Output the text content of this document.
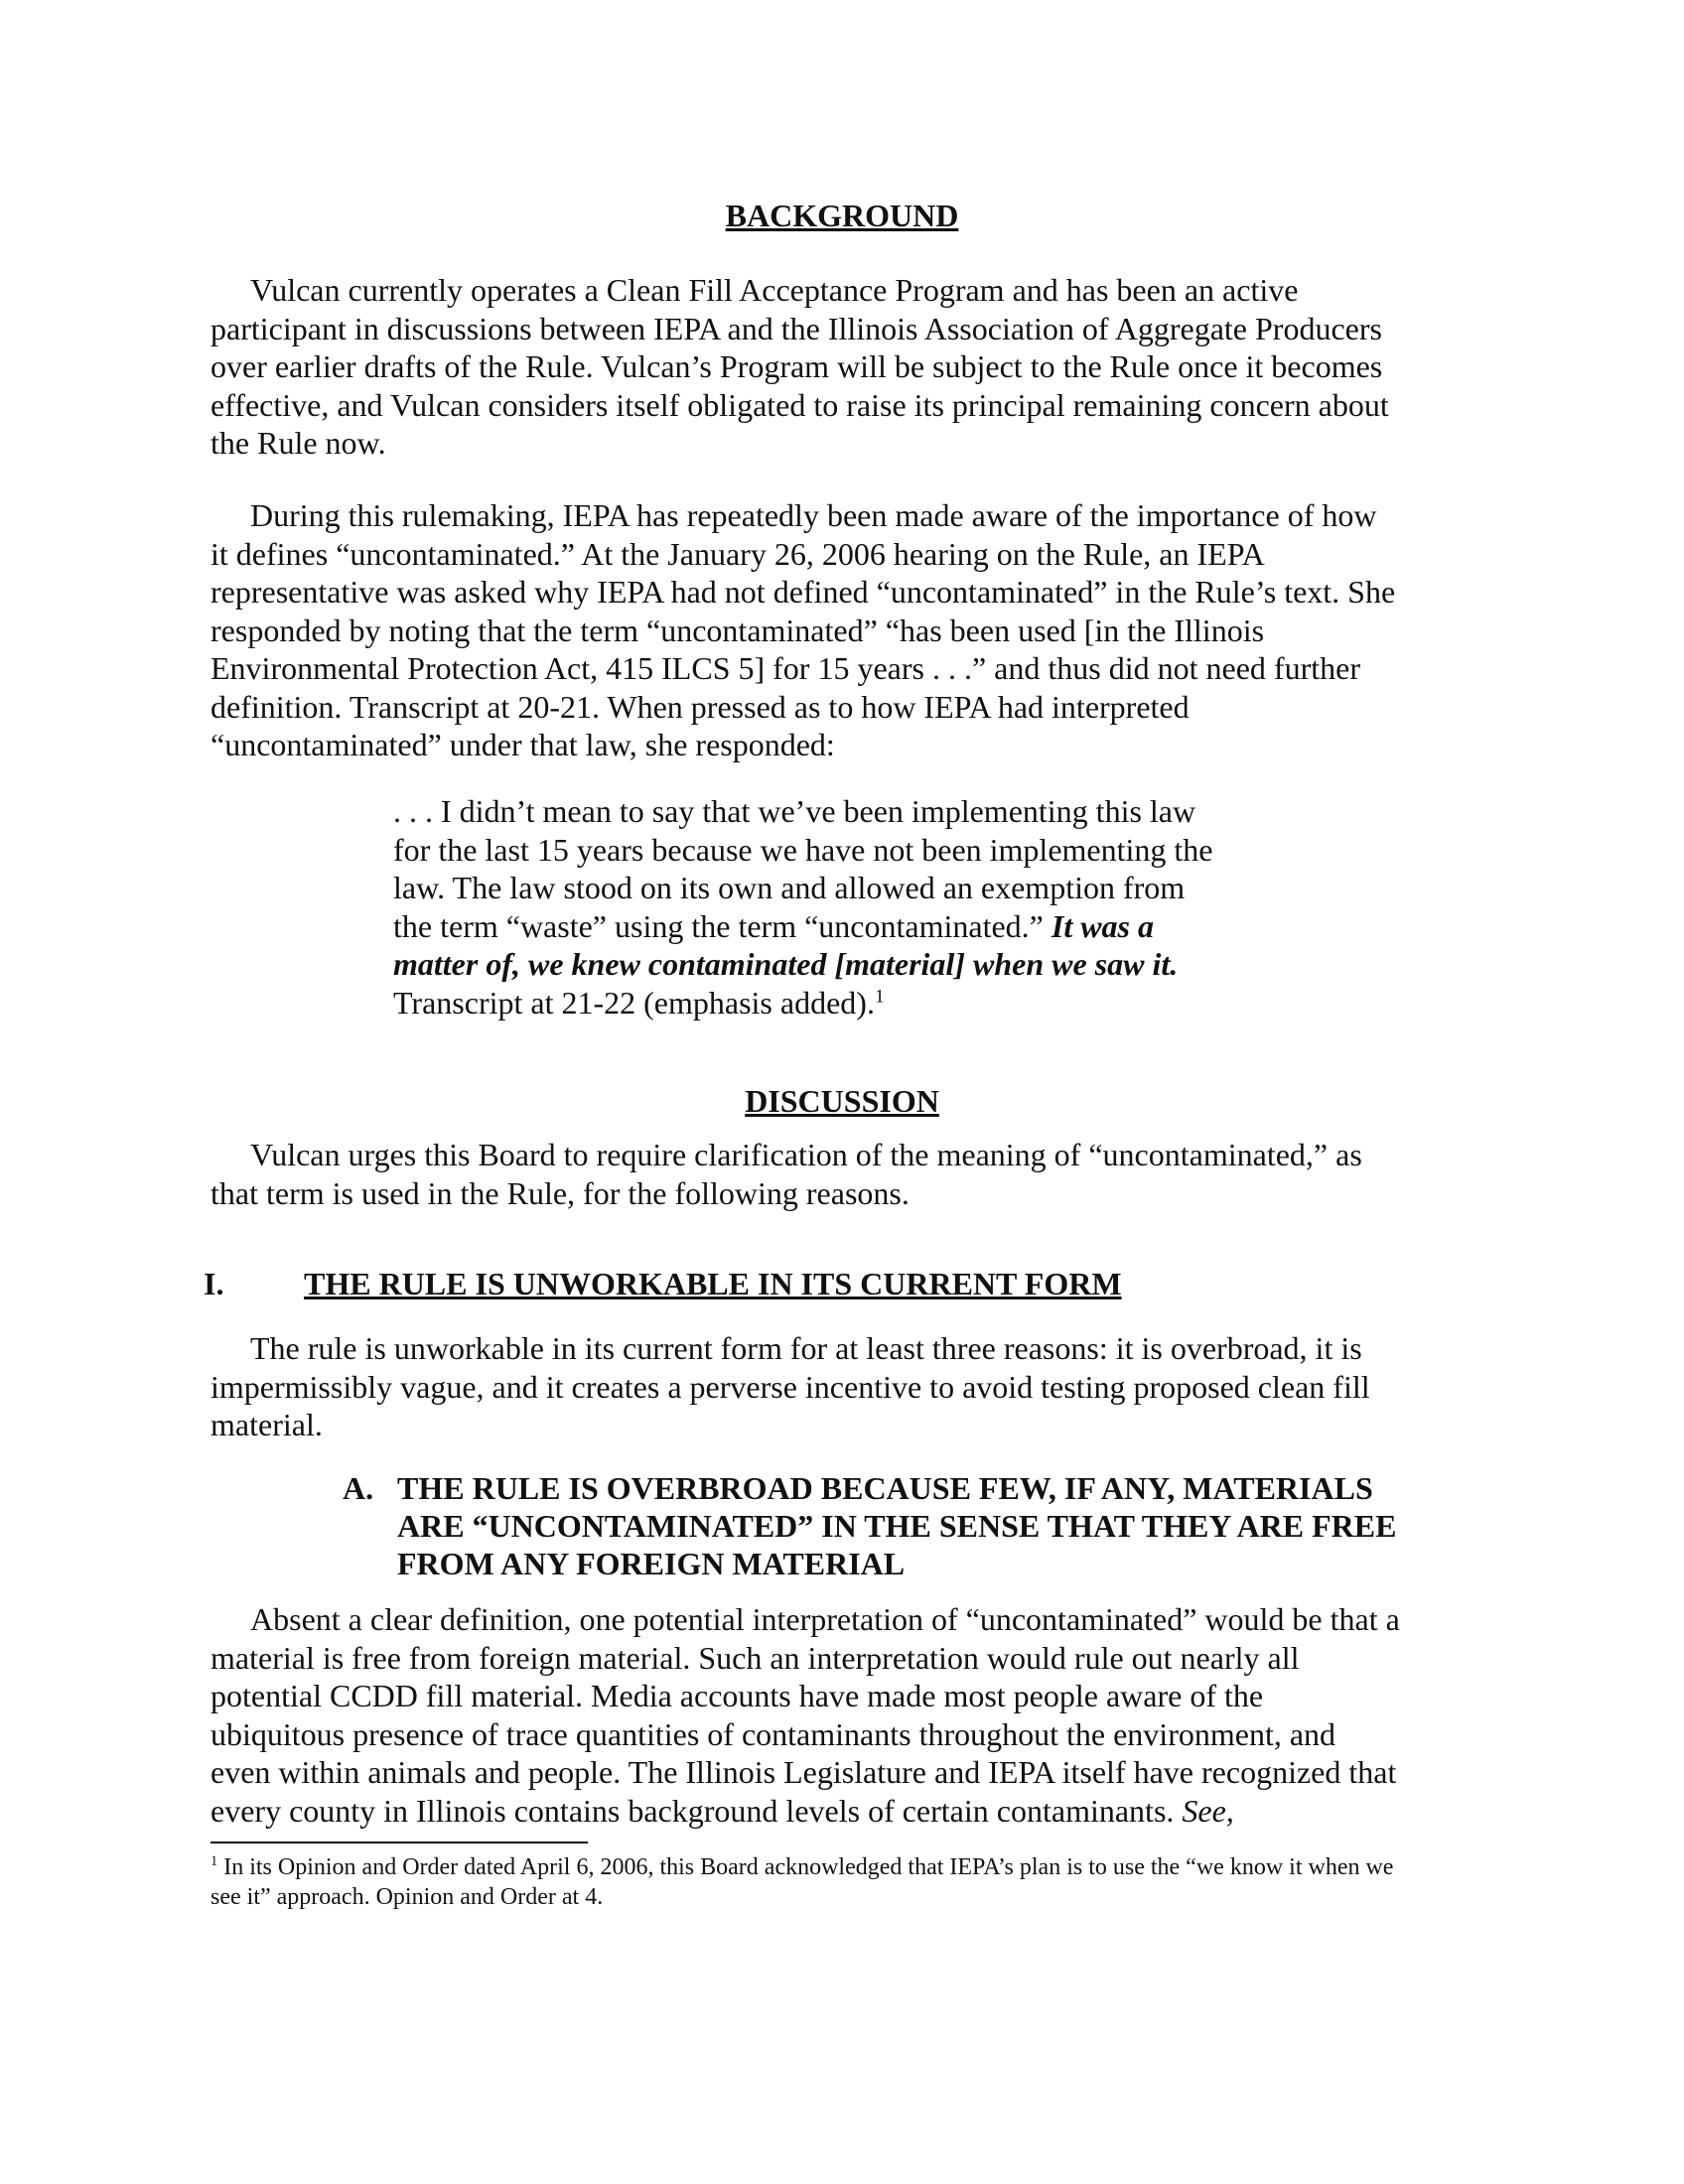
BACKGROUND

Vulcan currently operates a Clean Fill Acceptance Program and has been an active participant in discussions between IEPA and the Illinois Association of Aggregate Producers over earlier drafts of the Rule. Vulcan’s Program will be subject to the Rule once it becomes effective, and Vulcan considers itself obligated to raise its principal remaining concern about the Rule now.

During this rulemaking, IEPA has repeatedly been made aware of the importance of how it defines “uncontaminated.” At the January 26, 2006 hearing on the Rule, an IEPA representative was asked why IEPA had not defined “uncontaminated” in the Rule’s text. She responded by noting that the term “uncontaminated” “has been used [in the Illinois Environmental Protection Act, 415 ILCS 5] for 15 years . . .” and thus did not need further definition. Transcript at 20-21. When pressed as to how IEPA had interpreted “uncontaminated” under that law, she responded:

. . . I didn’t mean to say that we’ve been implementing this law for the last 15 years because we have not been implementing the law. The law stood on its own and allowed an exemption from the term “waste” using the term “uncontaminated.” It was a matter of, we knew contaminated [material] when we saw it. Transcript at 21-22 (emphasis added).$^1$

DISCUSSION

Vulcan urges this Board to require clarification of the meaning of “uncontaminated,” as that term is used in the Rule, for the following reasons.

I.	THE RULE IS UNWORKABLE IN ITS CURRENT FORM

The rule is unworkable in its current form for at least three reasons: it is overbroad, it is impermissibly vague, and it creates a perverse incentive to avoid testing proposed clean fill material.

A. THE RULE IS OVERBROAD BECAUSE FEW, IF ANY, MATERIALS ARE “UNCONTAMINATED” IN THE SENSE THAT THEY ARE FREE FROM ANY FOREIGN MATERIAL

Absent a clear definition, one potential interpretation of “uncontaminated” would be that a material is free from foreign material. Such an interpretation would rule out nearly all potential CCDD fill material. Media accounts have made most people aware of the ubiquitous presence of trace quantities of contaminants throughout the environment, and even within animals and people. The Illinois Legislature and IEPA itself have recognized that every county in Illinois contains background levels of certain contaminants. See,

$^1$ In its Opinion and Order dated April 6, 2006, this Board acknowledged that IEPA’s plan is to use the “we know it when we see it” approach. Opinion and Order at 4.
